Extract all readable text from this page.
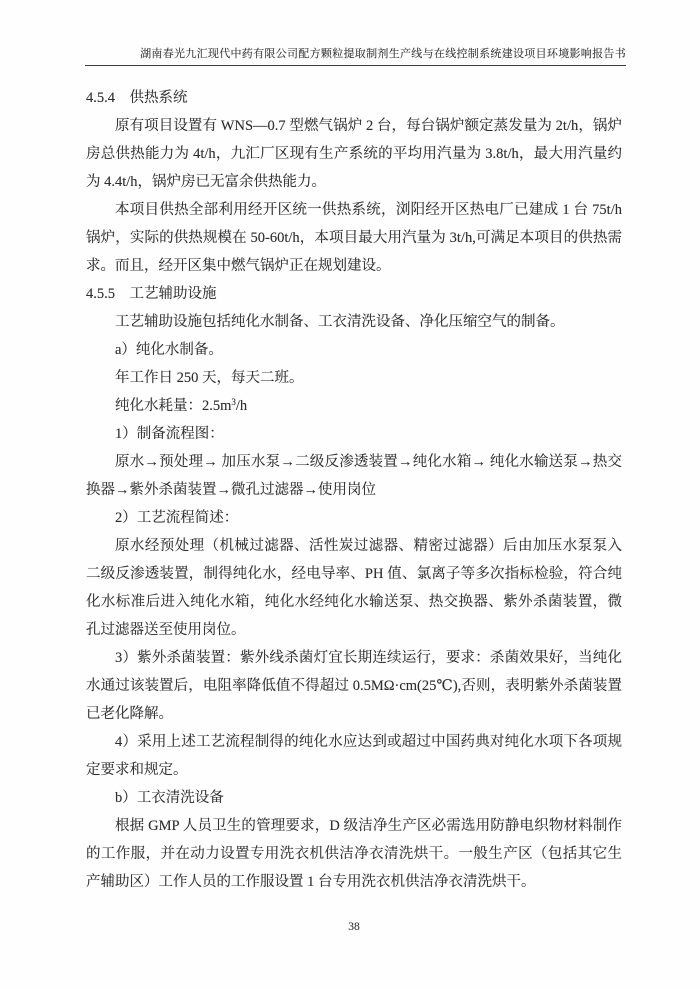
湖南春光九汇现代中药有限公司配方颗粒提取制剂生产线与在线控制系统建设项目环境影响报告书

4.5.4　供热系统

原有项目设置有 WNS—0.7 型燃气锅炉 2 台，每台锅炉额定蒸发量为 2t/h，锅炉房总供热能力为 4t/h，九汇厂区现有生产系统的平均用汽量为 3.8t/h，最大用汽量约为 4.4t/h，锅炉房已无富余供热能力。

本项目供热全部利用经开区统一供热系统，浏阳经开区热电厂已建成 1 台 75t/h 锅炉，实际的供热规模在 50-60t/h，本项目最大用汽量为 3t/h,可满足本项目的供热需求。而且，经开区集中燃气锅炉正在规划建设。

4.5.5　工艺辅助设施

工艺辅助设施包括纯化水制备、工衣清洗设备、净化压缩空气的制备。

a）纯化水制备。

年工作日 250 天，每天二班。

纯化水耗量：$2.5m^3/h$

1）制备流程图：

原水→预处理→ 加压水泵→二级反渗透装置→纯化水箱→ 纯化水输送泵→热交换器→紫外杀菌装置→微孔过滤器→使用岗位

2）工艺流程简述：

原水经预处理（机械过滤器、活性炭过滤器、精密过滤器）后由加压水泵泵入二级反渗透装置，制得纯化水，经电导率、PH 值、氯离子等多次指标检验，符合纯化水标准后进入纯化水箱，纯化水经纯化水输送泵、热交换器、紫外杀菌装置，微孔过滤器送至使用岗位。

3）紫外杀菌装置：紫外线杀菌灯宜长期连续运行，要求：杀菌效果好，当纯化水通过该装置后，电阻率降低值不得超过 0.5MΩ·cm(25℃),否则，表明紫外杀菌装置已老化降解。

4）采用上述工艺流程制得的纯化水应达到或超过中国药典对纯化水项下各项规定要求和规定。

b）工衣清洗设备

根据 GMP 人员卫生的管理要求，D 级洁净生产区必需选用防静电织物材料制作的工作服，并在动力设置专用洗衣机供洁净衣清洗烘干。一般生产区（包括其它生产辅助区）工作人员的工作服设置 1 台专用洗衣机供洁净衣清洗烘干。

38
